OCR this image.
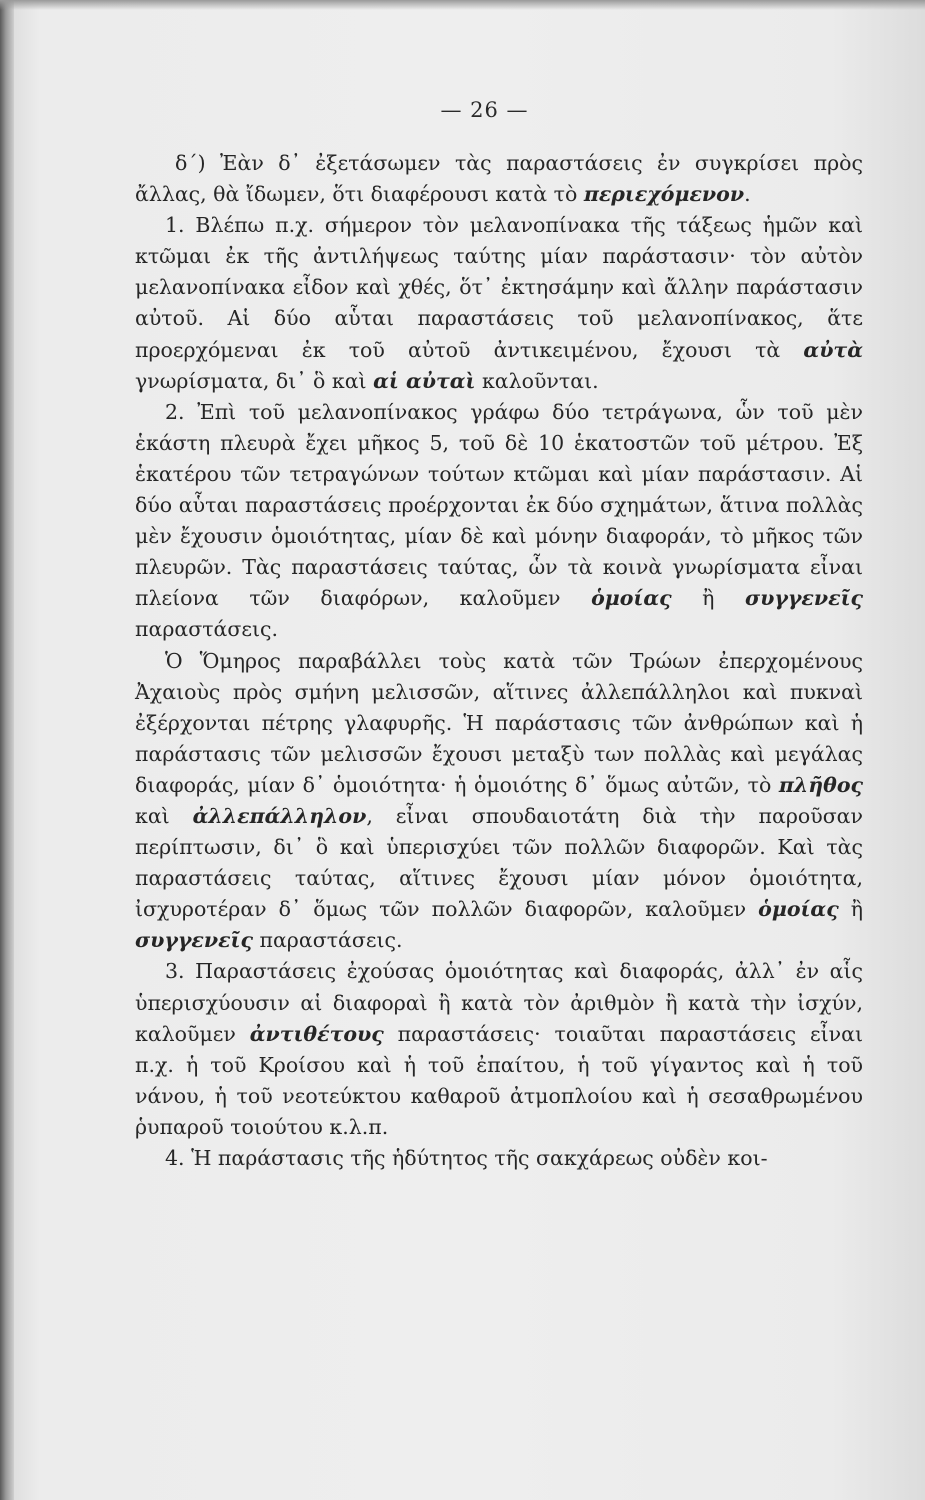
— 26 —

δ΄) Ἐὰν δ᾽ ἐξετάσωμεν τὰς παραστάσεις ἐν συγκρίσει πρὸς ἄλλας, θὰ ἴδωμεν, ὅτι διαφέρουσι κατὰ τὸ περιεχόμενον.

1. Βλέπω π.χ. σήμερον τὸν μελανοπίνακα τῆς τάξεως ἡμῶν καὶ κτῶμαι ἐκ τῆς ἀντιλήψεως ταύτης μίαν παράστασιν· τὸν αὐτὸν μελανοπίνακα εἶδον καὶ χθές, ὅτ᾽ ἐκτησάμην καὶ ἄλλην παράστασιν αὐτοῦ. Αἱ δύο αὗται παραστάσεις τοῦ μελανοπίνακος, ἅτε προερχόμεναι ἐκ τοῦ αὐτοῦ ἀντικειμένου, ἔχουσι τὰ αὐτὰ γνωρίσματα, δι᾽ ὃ καὶ αἱ αὐταὶ καλοῦνται.

2. Ἐπὶ τοῦ μελανοπίνακος γράφω δύο τετράγωνα, ὧν τοῦ μὲν ἑκάστη πλευρὰ ἔχει μῆκος 5, τοῦ δὲ 10 ἑκατοστῶν τοῦ μέτρου. Ἐξ ἑκατέρου τῶν τετραγώνων τούτων κτῶμαι καὶ μίαν παράστασιν. Αἱ δύο αὗται παραστάσεις προέρχονται ἐκ δύο σχημάτων, ἅτινα πολλὰς μὲν ἔχουσιν ὁμοιότητας, μίαν δὲ καὶ μόνην διαφοράν, τὸ μῆκος τῶν πλευρῶν. Τὰς παραστάσεις ταύτας, ὧν τὰ κοινὰ γνωρίσματα εἶναι πλείονα τῶν διαφόρων, καλοῦμεν ὁμοίας ἢ συγγενεῖς παραστάσεις.

Ὁ Ὅμηρος παραβάλλει τοὺς κατὰ τῶν Τρώων ἐπερχομένους Ἀχαιοὺς πρὸς σμήνη μελισσῶν, αἵτινες ἀλλεπάλληλοι καὶ πυκναὶ ἐξέρχονται πέτρης γλαφυρῆς. Ἡ παράστασις τῶν ἀνθρώπων καὶ ἡ παράστασις τῶν μελισσῶν ἔχουσι μεταξὺ των πολλὰς καὶ μεγάλας διαφοράς, μίαν δ᾽ ὁμοιότητα· ἡ ὁμοιότης δ᾽ ὅμως αὐτῶν, τὸ πλῆθος καὶ ἀλλεπάλληλον, εἶναι σπουδαιοτάτη διὰ τὴν παροῦσαν περίπτωσιν, δι᾽ ὃ καὶ ὑπερισχύει τῶν πολλῶν διαφορῶν. Καὶ τὰς παραστάσεις ταύτας, αἵτινες ἔχουσι μίαν μόνον ὁμοιότητα, ἰσχυροτέραν δ᾽ ὅμως τῶν πολλῶν διαφορῶν, καλοῦμεν ὁμοίας ἢ συγγενεῖς παραστάσεις.

3. Παραστάσεις ἐχούσας ὁμοιότητας καὶ διαφοράς, ἀλλ᾽ ἐν αἷς ὑπερισχύουσιν αἱ διαφοραὶ ἢ κατὰ τὸν ἀριθμὸν ἢ κατὰ τὴν ἰσχύν, καλοῦμεν ἀντιθέτους παραστάσεις· τοιαῦται παραστάσεις εἶναι π.χ. ἡ τοῦ Κροίσου καὶ ἡ τοῦ ἐπαίτου, ἡ τοῦ γίγαντος καὶ ἡ τοῦ νάνου, ἡ τοῦ νεοτεύκτου καθαροῦ ἀτμοπλοίου καὶ ἡ σεσαθρωμένου ῥυπαροῦ τοιούτου κ.λ.π.

4. Ἡ παράστασις τῆς ἡδύτητος τῆς σακχάρεως οὐδὲν κοι-
